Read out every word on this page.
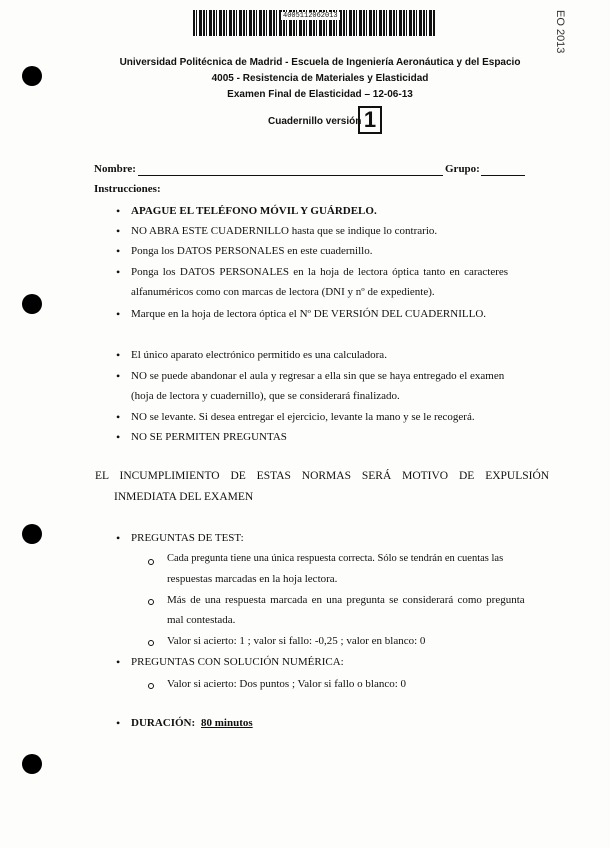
4005112062013	EO 2013
Universidad Politécnica de Madrid - Escuela de Ingeniería Aeronáutica y del Espacio
4005 - Resistencia de Materiales y Elasticidad
Examen Final de Elasticidad – 12-06-13
Cuadernillo versión 1
Nombre:	Grupo:
Instrucciones:
• APAGUE EL TELÉFONO MÓVIL Y GUÁRDELO.
• NO ABRA ESTE CUADERNILLO hasta que se indique lo contrario.
• Ponga los DATOS PERSONALES en este cuadernillo.
• Ponga los DATOS PERSONALES en la hoja de lectora óptica tanto en caracteres
alfanuméricos como con marcas de lectora (DNI y nº de expediente).
• Marque en la hoja de lectora óptica el Nº DE VERSIÓN DEL CUADERNILLO.
• El único aparato electrónico permitido es una calculadora.
• NO se puede abandonar el aula y regresar a ella sin que se haya entregado el examen
(hoja de lectora y cuadernillo), que se considerará finalizado.
• NO se levante. Si desea entregar el ejercicio, levante la mano y se le recogerá.
• NO SE PERMITEN PREGUNTAS
EL INCUMPLIMIENTO DE ESTAS NORMAS SERÁ MOTIVO DE EXPULSIÓN
INMEDIATA DEL EXAMEN
• PREGUNTAS DE TEST:
Cada pregunta tiene una única respuesta correcta. Sólo se tendrán en cuentas las
respuestas marcadas en la hoja lectora.
Más de una respuesta marcada en una pregunta se considerará como pregunta
mal contestada.
Valor si acierto: 1 ; valor si fallo: -0,25 ; valor en blanco: 0
• PREGUNTAS CON SOLUCIÓN NUMÉRICA:
Valor si acierto: Dos puntos ; Valor si fallo o blanco: 0
• DURACIÓN: 80 minutos
